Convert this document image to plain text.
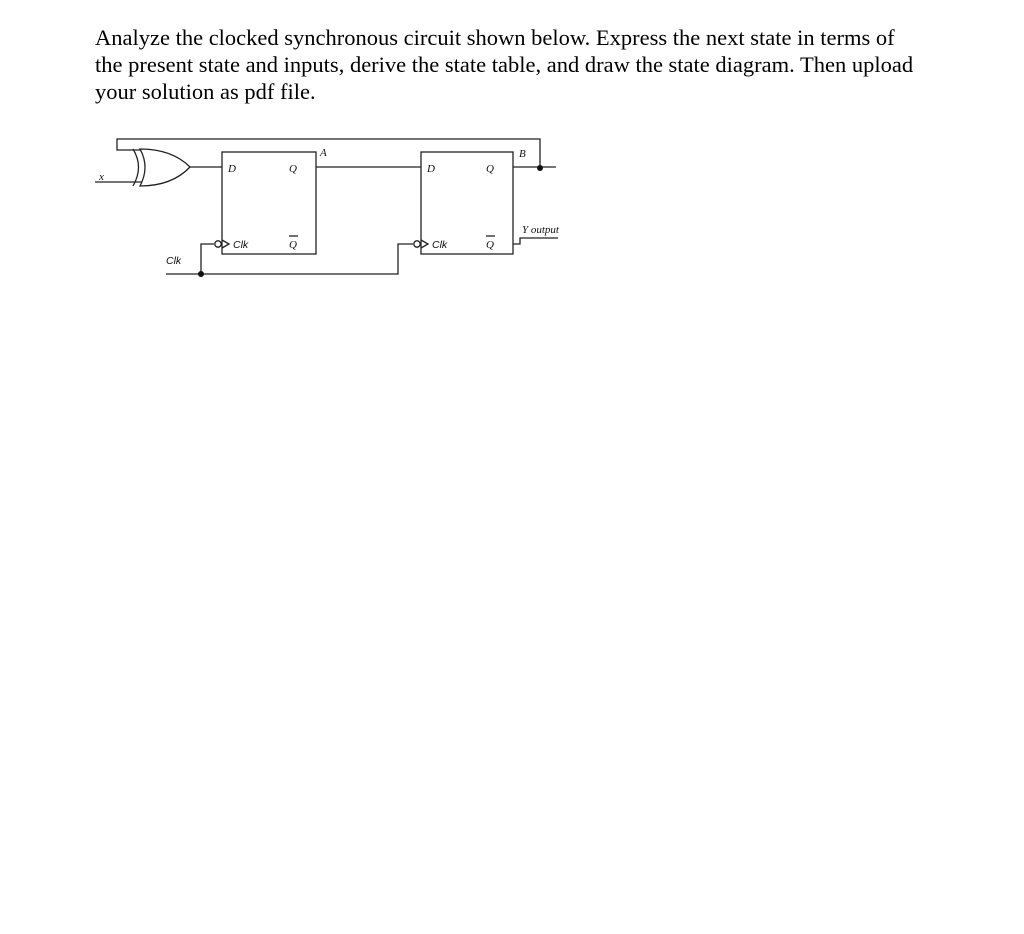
Analyze the clocked synchronous circuit shown below. Express the next state in terms of the present state and inputs, derive the state table, and draw the state diagram. Then upload your solution as pdf file.

x
D	Q
Q
Clk
A
D	Q
Q
Clk
B
Y output
Clk
